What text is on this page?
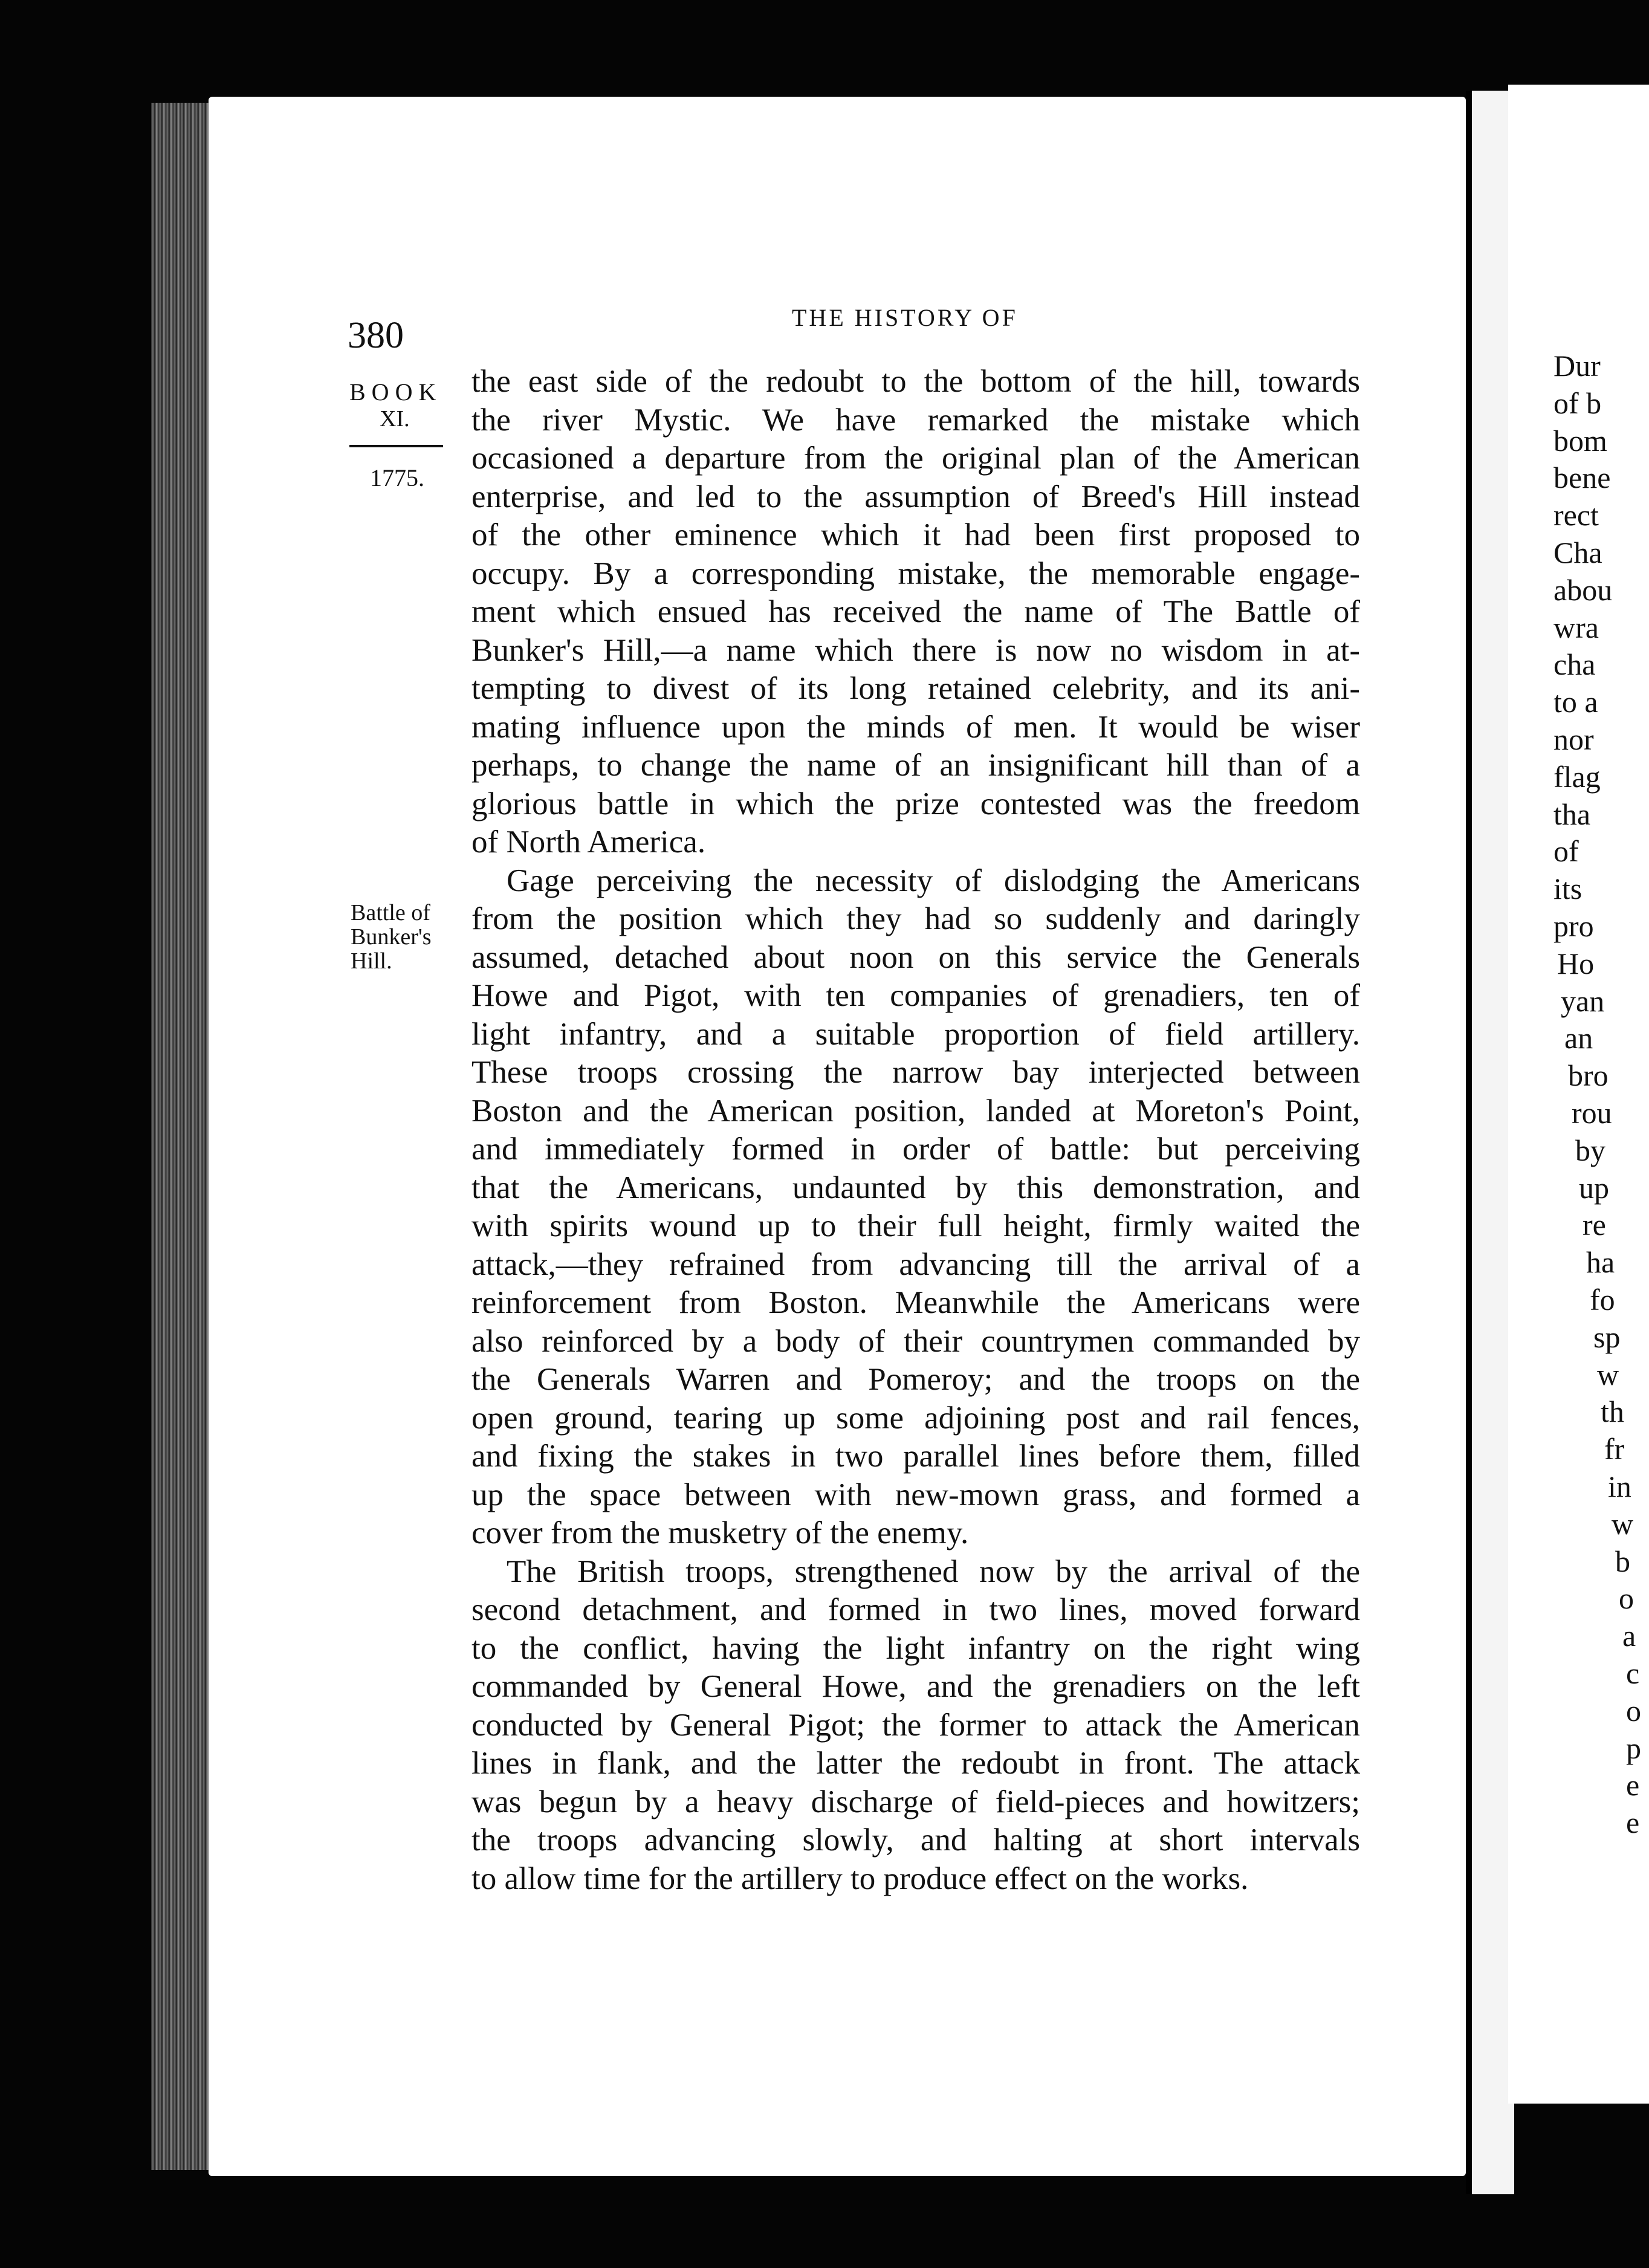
Dur
of b
bom
bene
rect
Cha
abou
wra
cha
to a
nor
flag
tha
of
its
pro
Ho
yan
an
bro
rou
by
up
re
ha
fo
sp
w
th
fr
in
w
b
o
a
c
o
p
e
e
380	THE HISTORY OF
BOOK
XI.
1775.
Battle of
Bunker's
Hill.
the east side of the redoubt to the bottom of the hill, towards
the river Mystic. We have remarked the mistake which
occasioned a departure from the original plan of the American
enterprise, and led to the assumption of Breed's Hill instead
of the other eminence which it had been first proposed to
occupy. By a corresponding mistake, the memorable engage-
ment which ensued has received the name of The Battle of
Bunker's Hill,—a name which there is now no wisdom in at-
tempting to divest of its long retained celebrity, and its ani-
mating influence upon the minds of men. It would be wiser
perhaps, to change the name of an insignificant hill than of a
glorious battle in which the prize contested was the freedom
of North America.
Gage perceiving the necessity of dislodging the Americans
from the position which they had so suddenly and daringly
assumed, detached about noon on this service the Generals
Howe and Pigot, with ten companies of grenadiers, ten of
light infantry, and a suitable proportion of field artillery.
These troops crossing the narrow bay interjected between
Boston and the American position, landed at Moreton's Point,
and immediately formed in order of battle: but perceiving
that the Americans, undaunted by this demonstration, and
with spirits wound up to their full height, firmly waited the
attack,—they refrained from advancing till the arrival of a
reinforcement from Boston. Meanwhile the Americans were
also reinforced by a body of their countrymen commanded by
the Generals Warren and Pomeroy; and the troops on the
open ground, tearing up some adjoining post and rail fences,
and fixing the stakes in two parallel lines before them, filled
up the space between with new-mown grass, and formed a
cover from the musketry of the enemy.
The British troops, strengthened now by the arrival of the
second detachment, and formed in two lines, moved forward
to the conflict, having the light infantry on the right wing
commanded by General Howe, and the grenadiers on the left
conducted by General Pigot; the former to attack the American
lines in flank, and the latter the redoubt in front. The attack
was begun by a heavy discharge of field-pieces and howitzers;
the troops advancing slowly, and halting at short intervals
to allow time for the artillery to produce effect on the works.
